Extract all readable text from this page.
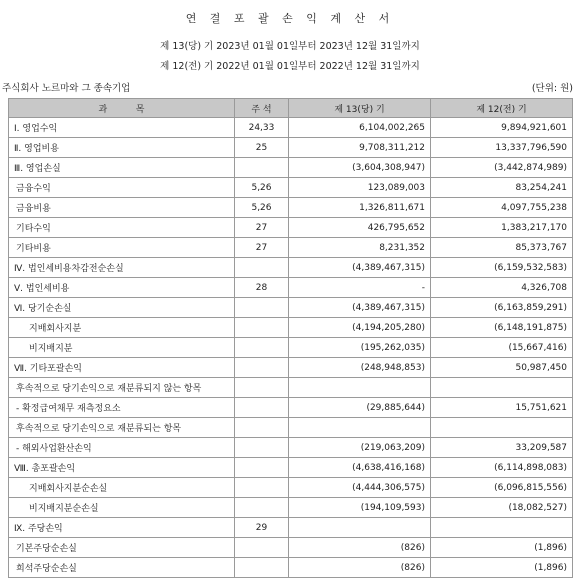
연 결 포 괄 손 익 계 산 서
제 13(당) 기 2023년 01월 01일부터 2023년 12월 31일까지
제 12(전) 기 2022년 01월 01일부터 2022년 12월 31일까지
주식회사 노르마와 그 종속기업	(단위: 원)
과          목	주 석	제 13(당) 기	제 12(전) 기
Ⅰ. 영업수익	24,33	6,104,002,265	9,894,921,601
Ⅱ. 영업비용	25	9,708,311,212	13,337,796,590
Ⅲ. 영업손실		(3,604,308,947)	(3,442,874,989)
금융수익	5,26	123,089,003	83,254,241
금융비용	5,26	1,326,811,671	4,097,755,238
기타수익	27	426,795,652	1,383,217,170
기타비용	27	8,231,352	85,373,767
Ⅳ. 법인세비용차감전순손실		(4,389,467,315)	(6,159,532,583)
Ⅴ. 법인세비용	28	-	4,326,708
Ⅵ. 당기순손실		(4,389,467,315)	(6,163,859,291)
지배회사지분		(4,194,205,280)	(6,148,191,875)
비지배지분		(195,262,035)	(15,667,416)
Ⅶ. 기타포괄손익		(248,948,853)	50,987,450
후속적으로 당기손익으로 재분류되지 않는 항목			
- 확정급여채무 재측정요소		(29,885,644)	15,751,621
후속적으로 당기손익으로 재분류되는 항목			
- 해외사업환산손익		(219,063,209)	33,209,587
Ⅷ. 총포괄손익		(4,638,416,168)	(6,114,898,083)
지배회사지분순손실		(4,444,306,575)	(6,096,815,556)
비지배지분순손실		(194,109,593)	(18,082,527)
Ⅸ. 주당손익	29		
기본주당순손실		(826)	(1,896)
희석주당순손실		(826)	(1,896)
